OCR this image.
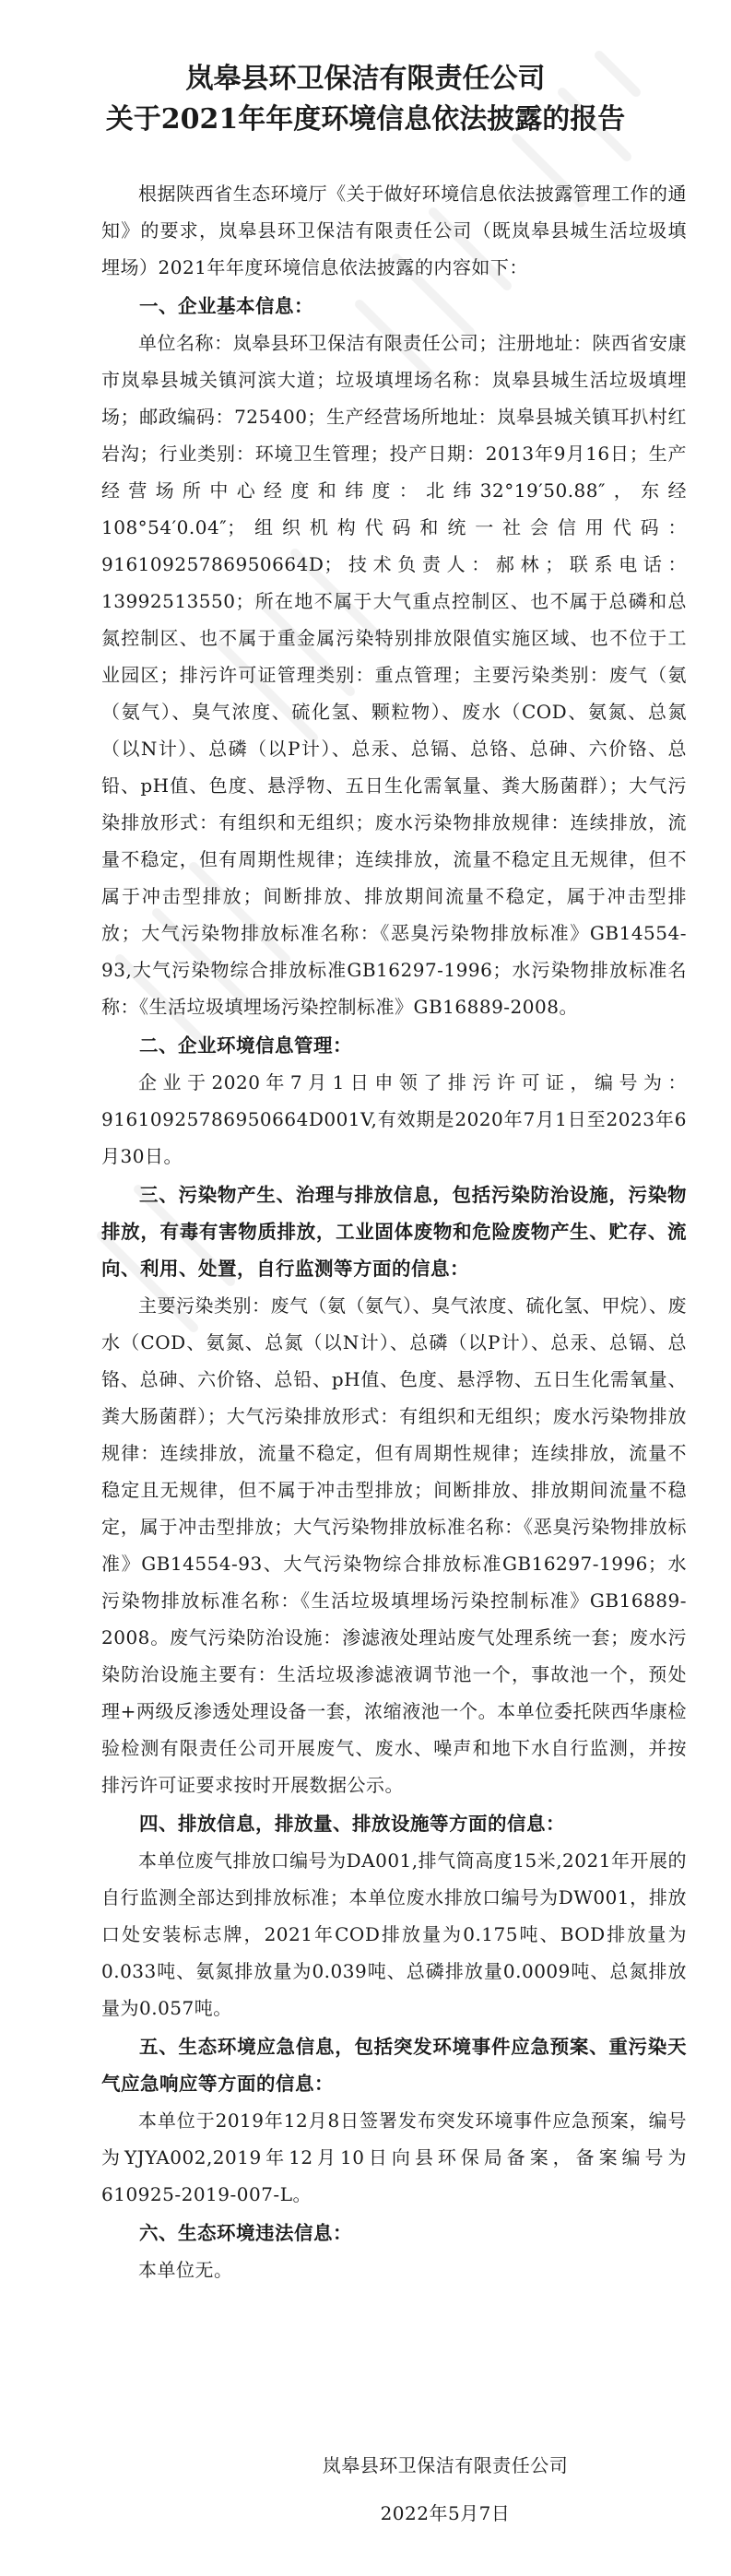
岚皋县环卫保洁有限责任公司
关于2021年年度环境信息依法披露的报告

根据陕西省生态环境厅《关于做好环境信息依法披露管理工作的通知》的要求，岚皋县环卫保洁有限责任公司（既岚皋县城生活垃圾填埋场）2021年年度环境信息依法披露的内容如下：

一、企业基本信息：

单位名称：岚皋县环卫保洁有限责任公司；注册地址：陕西省安康市岚皋县城关镇河滨大道；垃圾填埋场名称：岚皋县城生活垃圾填埋场；邮政编码：725400；生产经营场所地址：岚皋县城关镇耳扒村红岩沟；行业类别：环境卫生管理；投产日期：2013年9月16日；生产经营场所中心经度和纬度：北纬32°19′50.88″，东经108°54′0.04″；组织机构代码和统一社会信用代码：91610925786950664D；技术负责人：郝林；联系电话：13992513550；所在地不属于大气重点控制区、也不属于总磷和总氮控制区、也不属于重金属污染特别排放限值实施区域、也不位于工业园区；排污许可证管理类别：重点管理；主要污染类别：废气（氨（氨气）、臭气浓度、硫化氢、颗粒物）、废水（COD、氨氮、总氮（以N计）、总磷（以P计）、总汞、总镉、总铬、总砷、六价铬、总铅、pH值、色度、悬浮物、五日生化需氧量、粪大肠菌群）；大气污染排放形式：有组织和无组织；废水污染物排放规律：连续排放，流量不稳定，但有周期性规律；连续排放，流量不稳定且无规律，但不属于冲击型排放；间断排放、排放期间流量不稳定，属于冲击型排放；大气污染物排放标准名称：《恶臭污染物排放标准》GB14554-93,大气污染物综合排放标准GB16297-1996；水污染物排放标准名称：《生活垃圾填埋场污染控制标准》GB16889-2008。

二、企业环境信息管理：

企业于2020年7月1日申领了排污许可证，编号为：91610925786950664D001V,有效期是2020年7月1日至2023年6月30日。

三、污染物产生、治理与排放信息，包括污染防治设施，污染物排放，有毒有害物质排放，工业固体废物和危险废物产生、贮存、流向、利用、处置，自行监测等方面的信息：

主要污染类别：废气（氨（氨气）、臭气浓度、硫化氢、甲烷）、废水（COD、氨氮、总氮（以N计）、总磷（以P计）、总汞、总镉、总铬、总砷、六价铬、总铅、pH值、色度、悬浮物、五日生化需氧量、粪大肠菌群）；大气污染排放形式：有组织和无组织；废水污染物排放规律：连续排放，流量不稳定，但有周期性规律；连续排放，流量不稳定且无规律，但不属于冲击型排放；间断排放、排放期间流量不稳定，属于冲击型排放；大气污染物排放标准名称：《恶臭污染物排放标准》GB14554-93、大气污染物综合排放标准GB16297-1996；水污染物排放标准名称：《生活垃圾填埋场污染控制标准》GB16889-2008。废气污染防治设施：渗滤液处理站废气处理系统一套；废水污染防治设施主要有：生活垃圾渗滤液调节池一个，事故池一个，预处理+两级反渗透处理设备一套，浓缩液池一个。本单位委托陕西华康检验检测有限责任公司开展废气、废水、噪声和地下水自行监测，并按排污许可证要求按时开展数据公示。

四、排放信息，排放量、排放设施等方面的信息：

本单位废气排放口编号为DA001,排气筒高度15米,2021年开展的自行监测全部达到排放标准；本单位废水排放口编号为DW001，排放口处安装标志牌，2021年COD排放量为0.175吨、BOD排放量为0.033吨、氨氮排放量为0.039吨、总磷排放量0.0009吨、总氮排放量为0.057吨。

五、生态环境应急信息，包括突发环境事件应急预案、重污染天气应急响应等方面的信息：

本单位于2019年12月8日签署发布突发环境事件应急预案，编号为YJYA002,2019年12月10日向县环保局备案，备案编号为610925-2019-007-L。

六、生态环境违法信息：

本单位无。

岚皋县环卫保洁有限责任公司

2022年5月7日
